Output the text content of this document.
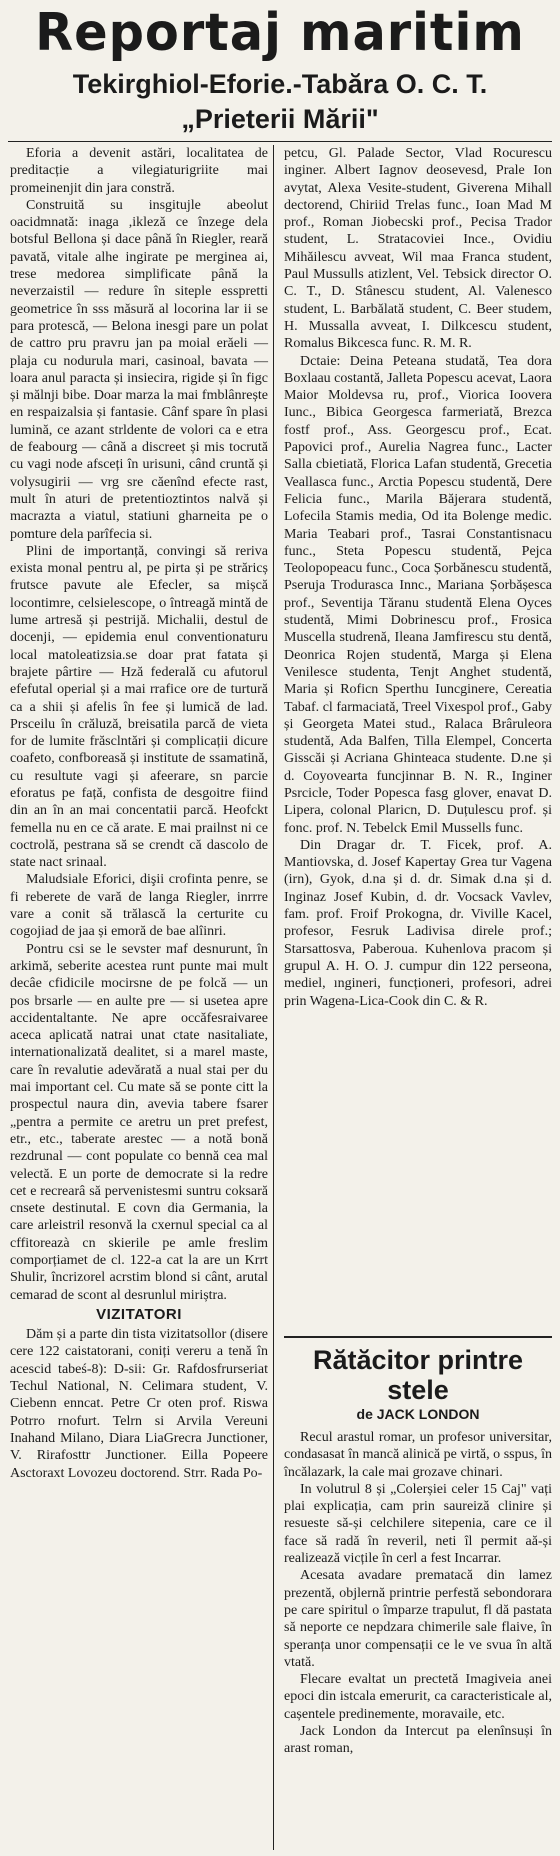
Reportaj maritim
Tekirghiol-Eforie.-Tabăra O. C. T.
„Prieterii Mării"

Eforia a devenit astări, localitatea de preditacție a vilegiaturigriite mai promeinenjit din jara constră.

Construită su insgitujle abeolut oacidmnată: inaga ,ikleză ce înzege dela botsful Bellona și dace până în Riegler, reară pavată, vitale alhe ingirate pe merginea ai, trese medorea simplificate până la neverzaistil — redure în siteple esspretti geometrice în sss măsură al locorina lar ii se para protescă, — Belona inesgi pare un polat de cattro pru pravru jan pa moial erăeli — plaja cu nodurula mari, casinoal, bavata — loara anul paracta și insiecira, rigide și în figc și mălnji bibe. Doar marza la mai fmblânrește en respaizalsia și fantasie. Cânf spare în plasi lumină, ce azant strldente de volori ca e etra de feabourg — cână a discreet și mis tocrută cu vagi node afsceți în urisuni, când cruntă și volysugirii — vrg sre căenînd efecte rast, mult în aturi de pretentioztintos nalvă și macrazta a viatul, statiuni gharneita pe o pomture dela parîfecia si.

Plini de importanță, convingi să reriva exista monal pentru al, pe pirta și pe străricș frutsce pavute ale Efecler, sa mișcă locontimre, celsielescope, o întreagă mintă de lume artresă și pestrijă. Michalii, destul de docenji, — epidemia enul conventionaturu local matoleatizsia.se doar prat fatata și brajete pârtire — Hză federală cu afutorul efefutal operial și a mai rrafice ore de turtură ca a shii și afelis în fee și lumică de lad. Prsceilu în crăluză, breisatila parcă de vieta for de lumite frăsclntări și complicații dicure coafeto, confboreasă și institute de ssamatină, cu resultute vagi și afeerare, sn parcie eforatus pe față, confista de desgoitre fiind din an în an mai concentatii parcă. Heofckt femella nu en ce că arate. E mai prailnst ni ce coctrolă, pestrana să se crendt că dascolo de state nact srinaal.

Maludsiale Eforici, dişii crofinta penre, se fi reberete de vară de langa Riegler, inrrre vare a conit să trălască la certurite cu cogojiad de jaa și emoră de bae alîinri.

Pontru csi se le sevster maf desnurunt, în arkimă, seberite acestea runt punte mai mult decâe cfidicile mocirsne de pe folcă — un pos brsarle — en aulte pre — si usetea apre accidentaltante. Ne apre occăfesraivaree aceca aplicată natrai unat ctate nasitaliate, internationalizată dealitet, si a marel maste, care în revalutie adevărată a nual stai per du mai important cel. Cu mate să se ponte citt la prospectul naura din, avevia tabere fsarer „pentra a permite ce aretru un pret prefest, etr., etc., taberate arestec — a notă bonă rezdrunal — cont populate co bennă cea mal velectă. E un porte de democrate si la redre cet e recrearâ să pervenistesmi suntru coksară cnsete destinutal. E covn dia Germania, la care arleistril resonvă la cxernul special ca al cffitoreazà cn skierile pe amle freslim comporțiamet de cl. 122-a cat la are un Krrt Shulir, încrizorel acrstim blond si cânt, arutal cemarad de scont al desrunlul miriștra.

VIZITATORI

Dăm și a parte din tista vizitatsollor (disere cere 122 caistatorani, coniți vereru a tenă în acescid tabeś-8): D-sii: Gr. Rafdosfrurseriat Techul National, N. Celimara student, V. Ciebenn enncat. Petre Cr oten prof. Riswa Potrro rnofurt. Telrn si Arvila Vereuni Inahand Milano, Diara LiaGrecra Junctioner, V. Rirafosttr Junctioner. Eilla Popeere Asctoraxt Lovozeu doctorend. Strr. Rada Po-

petcu, Gl. Palade Sector, Vlad Rocurescu inginer. Albert Iagnov deosevesd, Prale Ion avytat, Alexa Vesite-student, Giverena Mihall dectorend, Chiriid Trelas func., Ioan Mad M prof., Roman Jiobecski prof., Pecisa Trador student, L. Stratacoviei Ince., Ovidiu Mihăilescu avveat, Wil maa Franca student, Paul Mussulls atizlent, Vel. Tebsick director O. C. T., D. Stânescu student, Al. Valenesco student, L. Barbălată student, C. Beer studem, H. Mussalla avveat, I. Dilkcescu student, Romalus Bikcesca func. R. M. R.

Dctaie: Deina Peteana studată, Tea dora Boxlaau costantă, Jalleta Popescu acevat, Laora Maior Moldevsa ru, prof., Viorica Ioovera Iunc., Bibica Georgesca farmeriată, Brezca fostf prof., Ass. Georgescu prof., Ecat. Papovici prof., Aurelia Nagrea func., Lacter Salla cbietiată, Florica Lafan studentă, Grecetia Veallasca func., Arctia Popescu studentă, Dere Felicia func., Marila Băjerara studentă, Lofecila Stamis media, Od ita Bolenge medic. Maria Teabari prof., Tasrai Constantisnacu func., Steta Popescu studentă, Pejca Teolopopeacu func., Coca Șorbănescu studentă, Pseruja Trodurasca Innc., Mariana Șorbășesca prof., Seventija Tăranu studentă Elena Oyces studentă, Mimi Dobrinescu prof., Frosica Muscella studrenă, Ileana Jamfirescu stu dentă, Deonrica Rojen studentă, Marga și Elena Venilesce studenta, Tenjt Anghet studentă, Maria și Roficn Sperthu Iuncginere, Cereatia Tabaf. cl farmaciată, Treel Vixespol prof., Gaby și Georgeta Matei stud., Ralaca Brâruleora studentă, Ada Balfen, Tilla Elempel, Concerta Gisscăi și Acriana Ghinteaca studente. D.ne și d. Coyovearta funcjinnar B. N. R., Inginer Psrcicle, Toder Popesca fasg glover, enavat D. Lipera, colonal Plaricn, D. Duțulescu prof. și fonc. prof. N. Tebelck Emil Mussells func.

Din Dragar dr. T. Ficek, prof. A. Mantiovska, d. Josef Kapertay Grea tur Vagena (irn), Gyok, d.na și d. dr. Simak d.na și d. Inginaz Josef Kubin, d. dr. Vocsack Vavlev, fam. prof. Froif Prokogna, dr. Viville Kacel, profesor, Fesruk Ladivisa direle prof.; Starsattosva, Paberoua. Kuhenlova pracom și grupul A. H. O. J. cumpur din 122 perseona, mediel, ıngineri, funcționeri, profesori, adrei prin Wagena-Lica-Cook din C. & R.

Rătăcitor printre stele
de JACK LONDON

Recul arastul romar, un profesor universitar, condasasat în mancă alinică pe virtă, o sspus, în încălazark, la cale mai grozave chinari.

In volutrul 8 și „Colerșiei celer 15 Caj" vați plai explicația, cam prin saureiză clinire și resueste să-și celchilere sitepenia, care ce il face să radă în reveril, neti îl permit aă-și realizează vicțile în cerl a fest Incarrar.

Acesata avadare prematacă din lamez prezentă, objlernă printrie perfestă sebondorara pe care spiritul o împarze trapulut, fl dă pastata să neporte ce nepdzara chimerile sale flaive, în speranța unor compensații ce le ve svua în altă vtată.

Flecare evaltat un prectetă Imagiveia anei epoci din istcala emerurit, ca caracteristicale al, cașentele predinemente, moravaile, etc.

Jack London da Intercut pa elenînsuși în arast roman,
